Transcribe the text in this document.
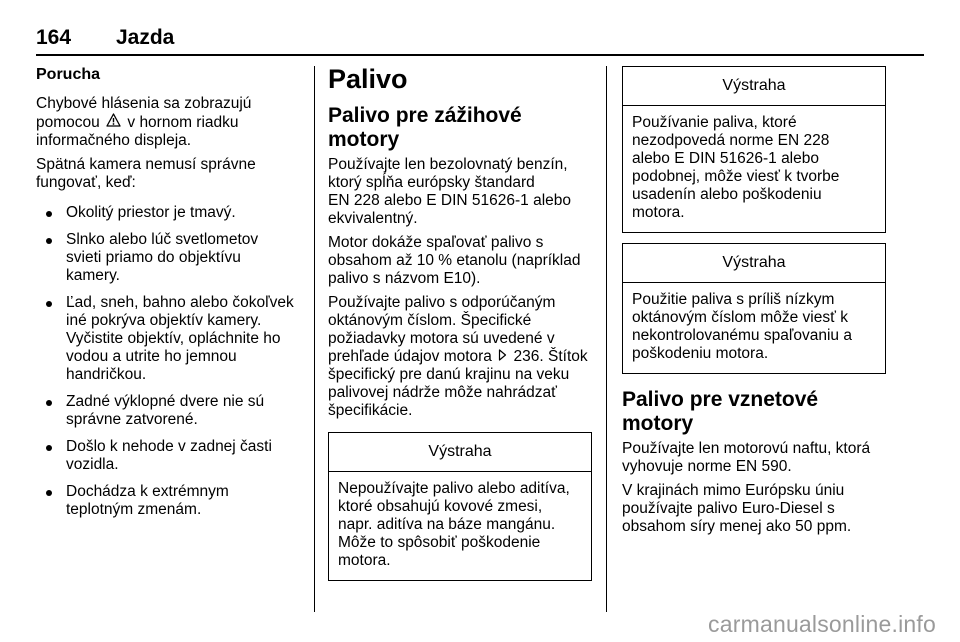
164	Jazda
Porucha

Chybové hlásenia sa zobrazujú
pomocou  v hornom riadku
informačného displeja.

Spätná kamera nemusí správne
fungovať, keď:

Okolitý priestor je tmavý.
Slnko alebo lúč svetlometov
svieti priamo do objektívu
kamery.
Ľad, sneh, bahno alebo čokoľvek
iné pokrýva objektív kamery.
Vyčistite objektív, opláchnite ho
vodou a utrite ho jemnou
handričkou.
Zadné výklopné dvere nie sú
správne zatvorené.
Došlo k nehode v zadnej časti
vozidla.
Dochádza k extrémnym
teplotným zmenám.
Palivo
Palivo pre zážihové motory

Používajte len bezolovnatý benzín,
ktorý spĺňa európsky štandard
EN 228 alebo E DIN 51626-1 alebo
ekvivalentný.

Motor dokáže spaľovať palivo s
obsahom až 10 % etanolu (napríklad
palivo s názvom E10).

Používajte palivo s odporúčaným
oktánovým číslom. Špecifické
požiadavky motora sú uvedené v
prehľade údajov motora  236. Štítok
špecifický pre danú krajinu na veku
palivovej nádrže môže nahrádzať
špecifikácie.

Výstraha
Nepoužívajte palivo alebo aditíva,
ktoré obsahujú kovové zmesi,
napr. aditíva na báze mangánu.
Môže to spôsobiť poškodenie
motora.
Výstraha
Používanie paliva, ktoré
nezodpovedá norme EN 228
alebo E DIN 51626-1 alebo
podobnej, môže viesť k tvorbe
usadenín alebo poškodeniu
motora.
Výstraha
Použitie paliva s príliš nízkym
oktánovým číslom môže viesť k
nekontrolovanému spaľovaniu a
poškodeniu motora.
Palivo pre vznetové motory

Používajte len motorovú naftu, ktorá
vyhovuje norme EN 590.

V krajinách mimo Európsku úniu
používajte palivo Euro-Diesel s
obsahom síry menej ako 50 ppm.

carmanualsonline.info
